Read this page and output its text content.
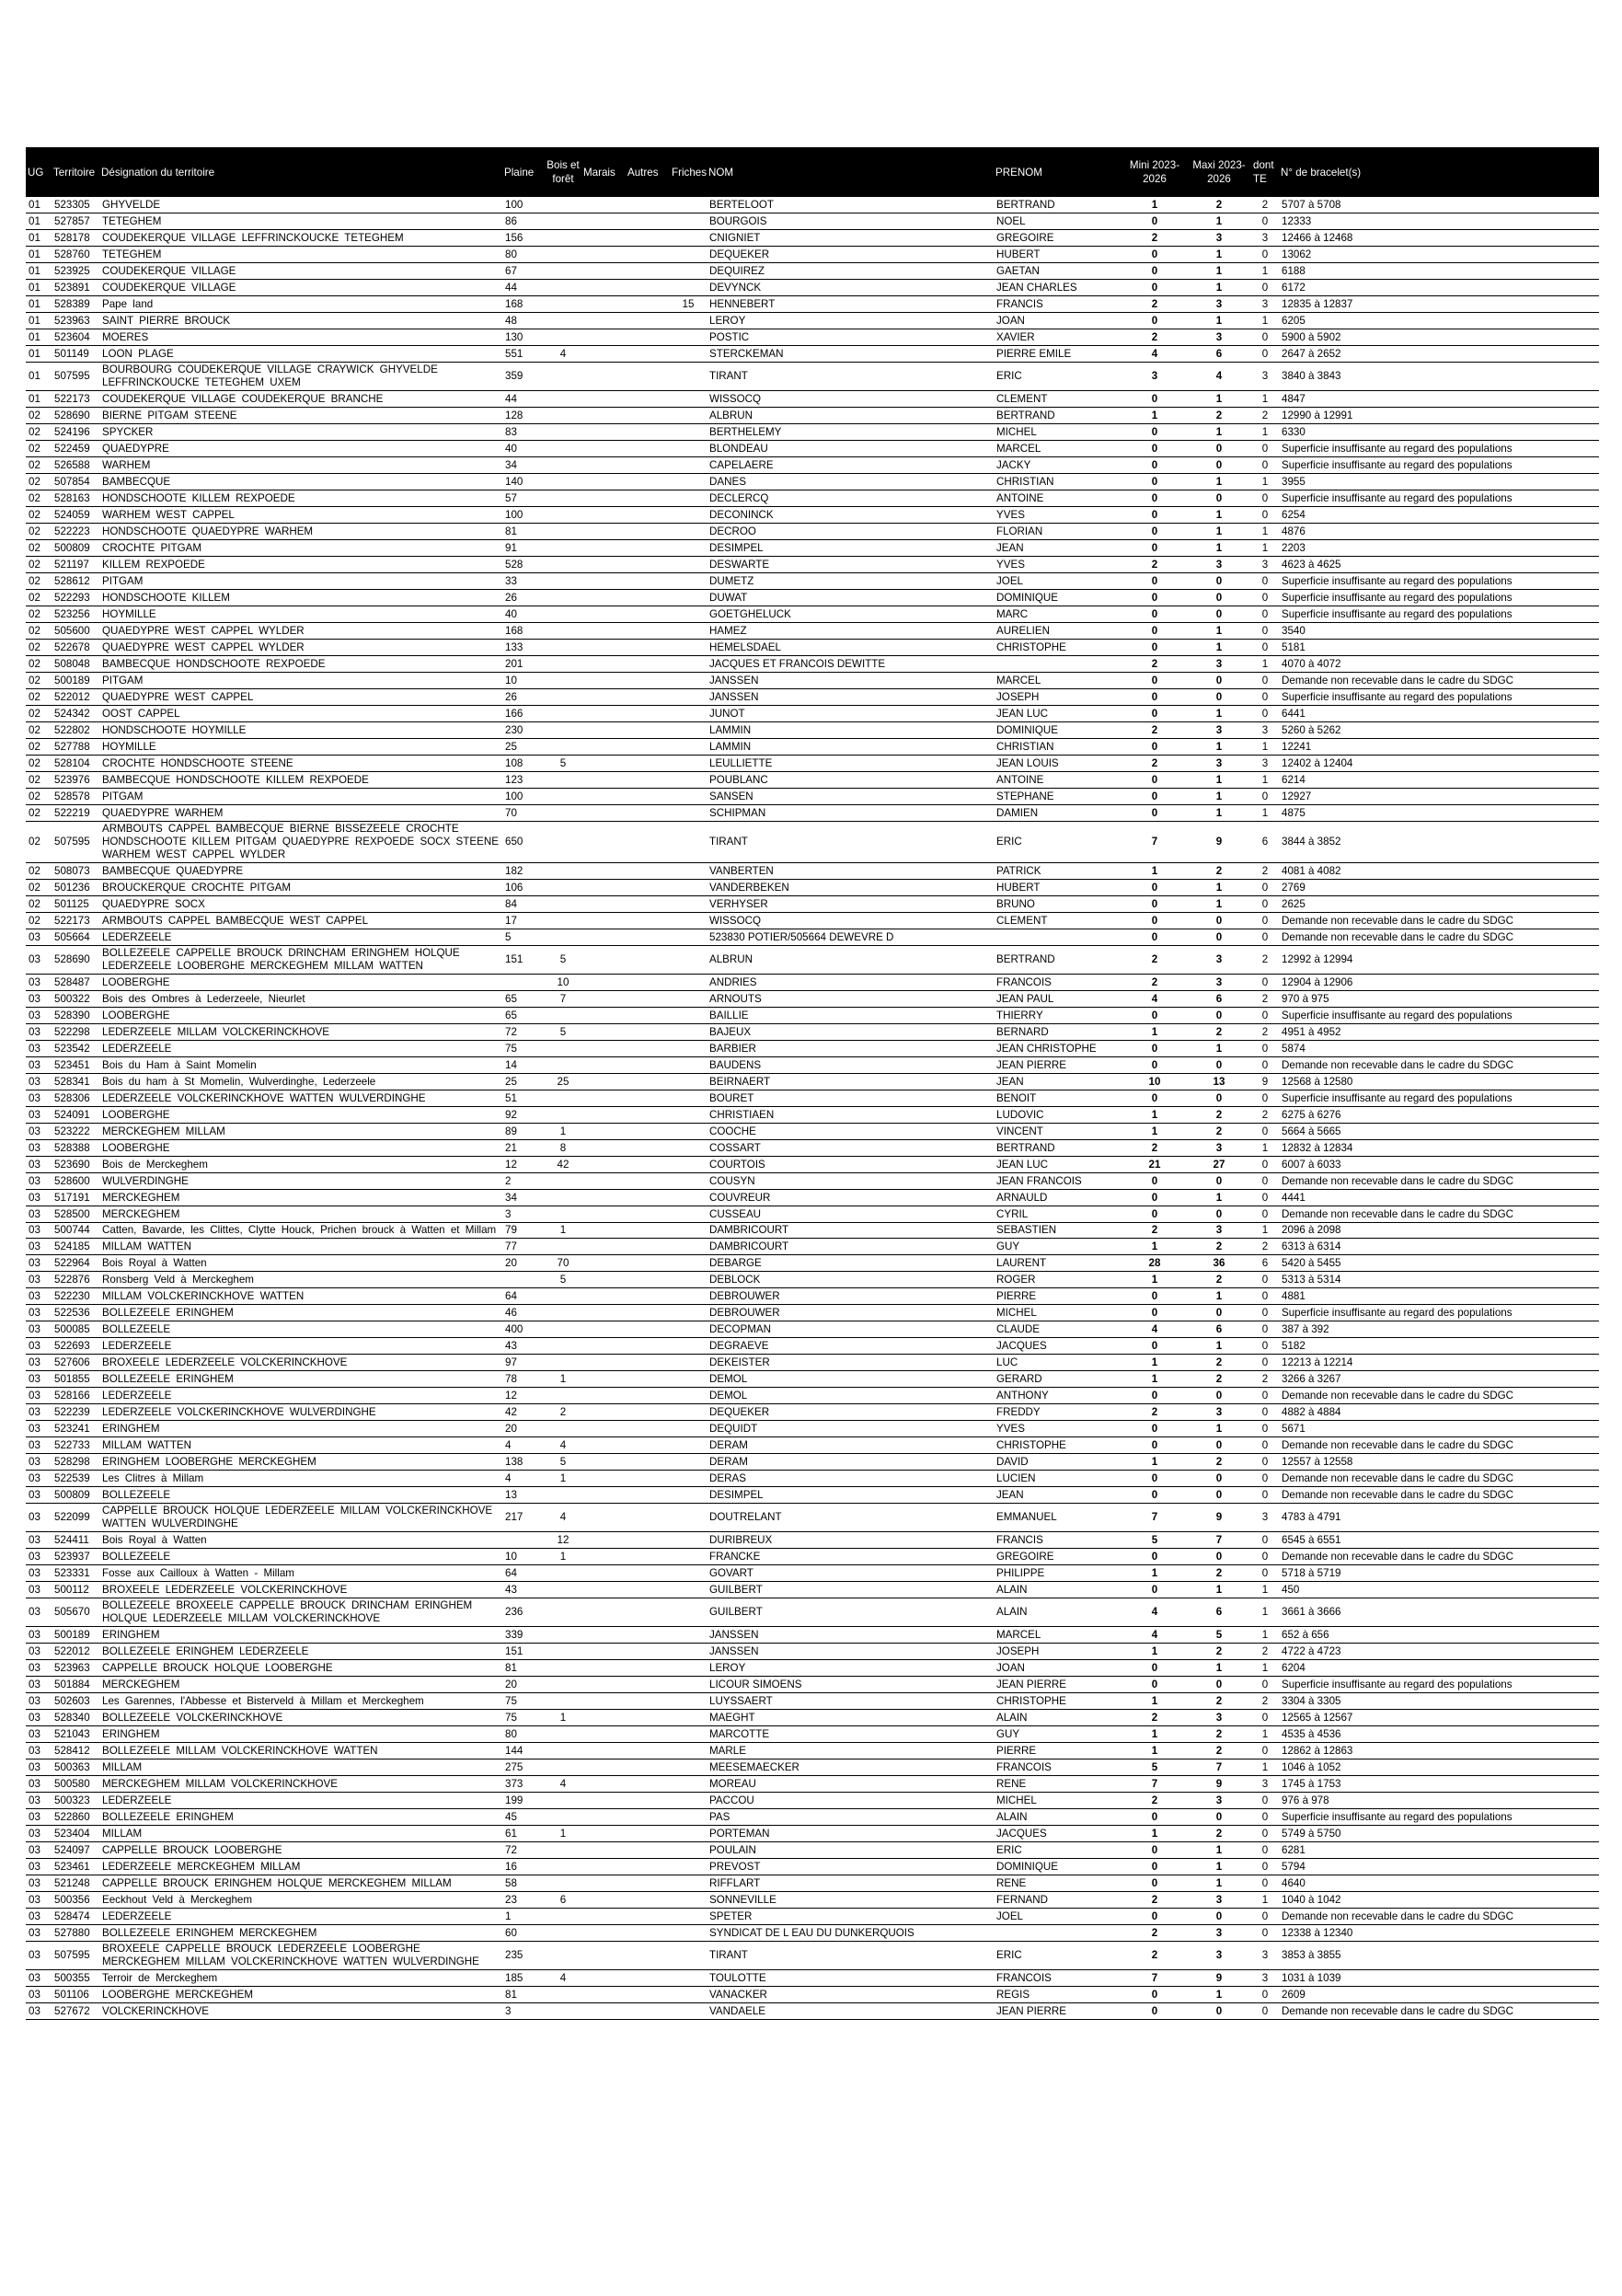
UG	Territoire	Désignation du territoire	Plaine	Bois et forêt	Marais	Autres	Friches	NOM	PRENOM	Mini 2023-2026	Maxi 2023-2026	dont TE	N° de bracelet(s)
01	523305	GHYVELDE	100					BERTELOOT	BERTRAND	1	2	2	5707 à 5708
01	527857	TETEGHEM	86					BOURGOIS	NOEL	0	1	0	12333
01	528178	COUDEKERQUE VILLAGE LEFFRINCKOUCKE TETEGHEM	156					CNIGNIET	GREGOIRE	2	3	3	12466 à 12468
01	528760	TETEGHEM	80					DEQUEKER	HUBERT	0	1	0	13062
01	523925	COUDEKERQUE VILLAGE	67					DEQUIREZ	GAETAN	0	1	1	6188
01	523891	COUDEKERQUE VILLAGE	44					DEVYNCK	JEAN CHARLES	0	1	0	6172
01	528389	Pape land	168				15	HENNEBERT	FRANCIS	2	3	3	12835 à 12837
01	523963	SAINT PIERRE BROUCK	48					LEROY	JOAN	0	1	1	6205
01	523604	MOERES	130					POSTIC	XAVIER	2	3	0	5900 à 5902
01	501149	LOON PLAGE	551	4				STERCKEMAN	PIERRE EMILE	4	6	0	2647 à 2652
01	507595	BOURBOURG COUDEKERQUE VILLAGE CRAYWICK GHYVELDE LEFFRINCKOUCKE TETEGHEM UXEM	359					TIRANT	ERIC	3	4	3	3840 à 3843
01	522173	COUDEKERQUE VILLAGE COUDEKERQUE BRANCHE	44					WISSOCQ	CLEMENT	0	1	1	4847
02	528690	BIERNE PITGAM STEENE	128					ALBRUN	BERTRAND	1	2	2	12990 à 12991
02	524196	SPYCKER	83					BERTHELEMY	MICHEL	0	1	1	6330
02	522459	QUAEDYPRE	40					BLONDEAU	MARCEL	0	0	0	Superficie insuffisante au regard des populations
02	526588	WARHEM	34					CAPELAERE	JACKY	0	0	0	Superficie insuffisante au regard des populations
02	507854	BAMBECQUE	140					DANES	CHRISTIAN	0	1	1	3955
02	528163	HONDSCHOOTE KILLEM REXPOEDE	57					DECLERCQ	ANTOINE	0	0	0	Superficie insuffisante au regard des populations
02	524059	WARHEM WEST CAPPEL	100					DECONINCK	YVES	0	1	0	6254
02	522223	HONDSCHOOTE QUAEDYPRE WARHEM	81					DECROO	FLORIAN	0	1	1	4876
02	500809	CROCHTE PITGAM	91					DESIMPEL	JEAN	0	1	1	2203
02	521197	KILLEM REXPOEDE	528					DESWARTE	YVES	2	3	3	4623 à 4625
02	528612	PITGAM	33					DUMETZ	JOEL	0	0	0	Superficie insuffisante au regard des populations
02	522293	HONDSCHOOTE KILLEM	26					DUWAT	DOMINIQUE	0	0	0	Superficie insuffisante au regard des populations
02	523256	HOYMILLE	40					GOETGHELUCK	MARC	0	0	0	Superficie insuffisante au regard des populations
02	505600	QUAEDYPRE WEST CAPPEL WYLDER	168					HAMEZ	AURELIEN	0	1	0	3540
02	522678	QUAEDYPRE WEST CAPPEL WYLDER	133					HEMELSDAEL	CHRISTOPHE	0	1	0	5181
02	508048	BAMBECQUE HONDSCHOOTE REXPOEDE	201					JACQUES ET FRANCOIS DEWITTE		2	3	1	4070 à 4072
02	500189	PITGAM	10					JANSSEN	MARCEL	0	0	0	Demande non recevable dans le cadre du SDGC
02	522012	QUAEDYPRE WEST CAPPEL	26					JANSSEN	JOSEPH	0	0	0	Superficie insuffisante au regard des populations
02	524342	OOST CAPPEL	166					JUNOT	JEAN LUC	0	1	0	6441
02	522802	HONDSCHOOTE HOYMILLE	230					LAMMIN	DOMINIQUE	2	3	3	5260 à 5262
02	527788	HOYMILLE	25					LAMMIN	CHRISTIAN	0	1	1	12241
02	528104	CROCHTE HONDSCHOOTE STEENE	108	5				LEULLIETTE	JEAN LOUIS	2	3	3	12402 à 12404
02	523976	BAMBECQUE HONDSCHOOTE KILLEM REXPOEDE	123					POUBLANC	ANTOINE	0	1	1	6214
02	528578	PITGAM	100					SANSEN	STEPHANE	0	1	0	12927
02	522219	QUAEDYPRE WARHEM	70					SCHIPMAN	DAMIEN	0	1	1	4875
02	507595	ARMBOUTS CAPPEL BAMBECQUE BIERNE BISSEZEELE CROCHTE HONDSCHOOTE KILLEM PITGAM QUAEDYPRE REXPOEDE SOCX STEENE WARHEM WEST CAPPEL WYLDER	650					TIRANT	ERIC	7	9	6	3844 à 3852
02	508073	BAMBECQUE QUAEDYPRE	182					VANBERTEN	PATRICK	1	2	2	4081 à 4082
02	501236	BROUCKERQUE CROCHTE PITGAM	106					VANDERBEKEN	HUBERT	0	1	0	2769
02	501125	QUAEDYPRE SOCX	84					VERHYSER	BRUNO	0	1	0	2625
02	522173	ARMBOUTS CAPPEL BAMBECQUE WEST CAPPEL	17					WISSOCQ	CLEMENT	0	0	0	Demande non recevable dans le cadre du SDGC
03	505664	LEDERZEELE	5					523830 POTIER/505664 DEWEVRE D		0	0	0	Demande non recevable dans le cadre du SDGC
03	528690	BOLLEZEELE CAPPELLE BROUCK DRINCHAM ERINGHEM HOLQUE LEDERZEELE LOOBERGHE MERCKEGHEM MILLAM WATTEN	151	5				ALBRUN	BERTRAND	2	3	2	12992 à 12994
03	528487	LOOBERGHE		10				ANDRIES	FRANCOIS	2	3	0	12904 à 12906
03	500322	Bois des Ombres à Lederzeele, Nieurlet	65	7				ARNOUTS	JEAN PAUL	4	6	2	970 à 975
03	528390	LOOBERGHE	65					BAILLIE	THIERRY	0	0	0	Superficie insuffisante au regard des populations
03	522298	LEDERZEELE MILLAM VOLCKERINCKHOVE	72	5				BAJEUX	BERNARD	1	2	2	4951 à 4952
03	523542	LEDERZEELE	75					BARBIER	JEAN CHRISTOPHE	0	1	0	5874
03	523451	Bois du Ham à Saint Momelin	14					BAUDENS	JEAN PIERRE	0	0	0	Demande non recevable dans le cadre du SDGC
03	528341	Bois du ham à St Momelin, Wulverdinghe, Lederzeele	25	25				BEIRNAERT	JEAN	10	13	9	12568 à 12580
03	528306	LEDERZEELE VOLCKERINCKHOVE WATTEN WULVERDINGHE	51					BOURET	BENOIT	0	0	0	Superficie insuffisante au regard des populations
03	524091	LOOBERGHE	92					CHRISTIAEN	LUDOVIC	1	2	2	6275 à 6276
03	523222	MERCKEGHEM MILLAM	89	1				COOCHE	VINCENT	1	2	0	5664 à 5665
03	528388	LOOBERGHE	21	8				COSSART	BERTRAND	2	3	1	12832 à 12834
03	523690	Bois de Merckeghem	12	42				COURTOIS	JEAN LUC	21	27	0	6007 à 6033
03	528600	WULVERDINGHE	2					COUSYN	JEAN FRANCOIS	0	0	0	Demande non recevable dans le cadre du SDGC
03	517191	MERCKEGHEM	34					COUVREUR	ARNAULD	0	1	0	4441
03	528500	MERCKEGHEM	3					CUSSEAU	CYRIL	0	0	0	Demande non recevable dans le cadre du SDGC
03	500744	Catten, Bavarde, les Clittes, Clytte Houck, Prichen brouck à Watten et Millam	79	1				DAMBRICOURT	SEBASTIEN	2	3	1	2096 à 2098
03	524185	MILLAM WATTEN	77					DAMBRICOURT	GUY	1	2	2	6313 à 6314
03	522964	Bois Royal à Watten	20	70				DEBARGE	LAURENT	28	36	6	5420 à 5455
03	522876	Ronsberg Veld à Merckeghem		5				DEBLOCK	ROGER	1	2	0	5313 à 5314
03	522230	MILLAM VOLCKERINCKHOVE WATTEN	64					DEBROUWER	PIERRE	0	1	0	4881
03	522536	BOLLEZEELE ERINGHEM	46					DEBROUWER	MICHEL	0	0	0	Superficie insuffisante au regard des populations
03	500085	BOLLEZEELE	400					DECOPMAN	CLAUDE	4	6	0	387 à 392
03	522693	LEDERZEELE	43					DEGRAEVE	JACQUES	0	1	0	5182
03	527606	BROXEELE LEDERZEELE VOLCKERINCKHOVE	97					DEKEISTER	LUC	1	2	0	12213 à 12214
03	501855	BOLLEZEELE ERINGHEM	78	1				DEMOL	GERARD	1	2	2	3266 à 3267
03	528166	LEDERZEELE	12					DEMOL	ANTHONY	0	0	0	Demande non recevable dans le cadre du SDGC
03	522239	LEDERZEELE VOLCKERINCKHOVE WULVERDINGHE	42	2				DEQUEKER	FREDDY	2	3	0	4882 à 4884
03	523241	ERINGHEM	20					DEQUIDT	YVES	0	1	0	5671
03	522733	MILLAM WATTEN	4	4				DERAM	CHRISTOPHE	0	0	0	Demande non recevable dans le cadre du SDGC
03	528298	ERINGHEM LOOBERGHE MERCKEGHEM	138	5				DERAM	DAVID	1	2	0	12557 à 12558
03	522539	Les Clitres à Millam	4	1				DERAS	LUCIEN	0	0	0	Demande non recevable dans le cadre du SDGC
03	500809	BOLLEZEELE	13					DESIMPEL	JEAN	0	0	0	Demande non recevable dans le cadre du SDGC
03	522099	CAPPELLE BROUCK HOLQUE LEDERZEELE MILLAM VOLCKERINCKHOVE WATTEN WULVERDINGHE	217	4				DOUTRELANT	EMMANUEL	7	9	3	4783 à 4791
03	524411	Bois Royal à Watten		12				DURIBREUX	FRANCIS	5	7	0	6545 à 6551
03	523937	BOLLEZEELE	10	1				FRANCKE	GREGOIRE	0	0	0	Demande non recevable dans le cadre du SDGC
03	523331	Fosse aux Cailloux à Watten - Millam	64					GOVART	PHILIPPE	1	2	0	5718 à 5719
03	500112	BROXEELE LEDERZEELE VOLCKERINCKHOVE	43					GUILBERT	ALAIN	0	1	1	450
03	505670	BOLLEZEELE BROXEELE CAPPELLE BROUCK DRINCHAM ERINGHEM HOLQUE LEDERZEELE MILLAM VOLCKERINCKHOVE	236					GUILBERT	ALAIN	4	6	1	3661 à 3666
03	500189	ERINGHEM	339					JANSSEN	MARCEL	4	5	1	652 à 656
03	522012	BOLLEZEELE ERINGHEM LEDERZEELE	151					JANSSEN	JOSEPH	1	2	2	4722 à 4723
03	523963	CAPPELLE BROUCK HOLQUE LOOBERGHE	81					LEROY	JOAN	0	1	1	6204
03	501884	MERCKEGHEM	20					LICOUR SIMOENS	JEAN PIERRE	0	0	0	Superficie insuffisante au regard des populations
03	502603	Les Garennes, l'Abbesse et Bisterveld à Millam et Merckeghem	75					LUYSSAERT	CHRISTOPHE	1	2	2	3304 à 3305
03	528340	BOLLEZEELE VOLCKERINCKHOVE	75	1				MAEGHT	ALAIN	2	3	0	12565 à 12567
03	521043	ERINGHEM	80					MARCOTTE	GUY	1	2	1	4535 à 4536
03	528412	BOLLEZEELE MILLAM VOLCKERINCKHOVE WATTEN	144					MARLE	PIERRE	1	2	0	12862 à 12863
03	500363	MILLAM	275					MEESEMAECKER	FRANCOIS	5	7	1	1046 à 1052
03	500580	MERCKEGHEM MILLAM VOLCKERINCKHOVE	373	4				MOREAU	RENE	7	9	3	1745 à 1753
03	500323	LEDERZEELE	199					PACCOU	MICHEL	2	3	0	976 à 978
03	522860	BOLLEZEELE ERINGHEM	45					PAS	ALAIN	0	0	0	Superficie insuffisante au regard des populations
03	523404	MILLAM	61	1				PORTEMAN	JACQUES	1	2	0	5749 à 5750
03	524097	CAPPELLE BROUCK LOOBERGHE	72					POULAIN	ERIC	0	1	0	6281
03	523461	LEDERZEELE MERCKEGHEM MILLAM	16					PREVOST	DOMINIQUE	0	1	0	5794
03	521248	CAPPELLE BROUCK ERINGHEM HOLQUE MERCKEGHEM MILLAM	58					RIFFLART	RENE	0	1	0	4640
03	500356	Eeckhout Veld à Merckeghem	23	6				SONNEVILLE	FERNAND	2	3	1	1040 à 1042
03	528474	LEDERZEELE	1					SPETER	JOEL	0	0	0	Demande non recevable dans le cadre du SDGC
03	527880	BOLLEZEELE ERINGHEM MERCKEGHEM	60					SYNDICAT DE L EAU DU DUNKERQUOIS		2	3	0	12338 à 12340
03	507595	BROXEELE CAPPELLE BROUCK LEDERZEELE LOOBERGHE MERCKEGHEM MILLAM VOLCKERINCKHOVE WATTEN WULVERDINGHE	235					TIRANT	ERIC	2	3	3	3853 à 3855
03	500355	Terroir de Merckeghem	185	4				TOULOTTE	FRANCOIS	7	9	3	1031 à 1039
03	501106	LOOBERGHE MERCKEGHEM	81					VANACKER	REGIS	0	1	0	2609
03	527672	VOLCKERINCKHOVE	3					VANDAELE	JEAN PIERRE	0	0	0	Demande non recevable dans le cadre du SDGC
